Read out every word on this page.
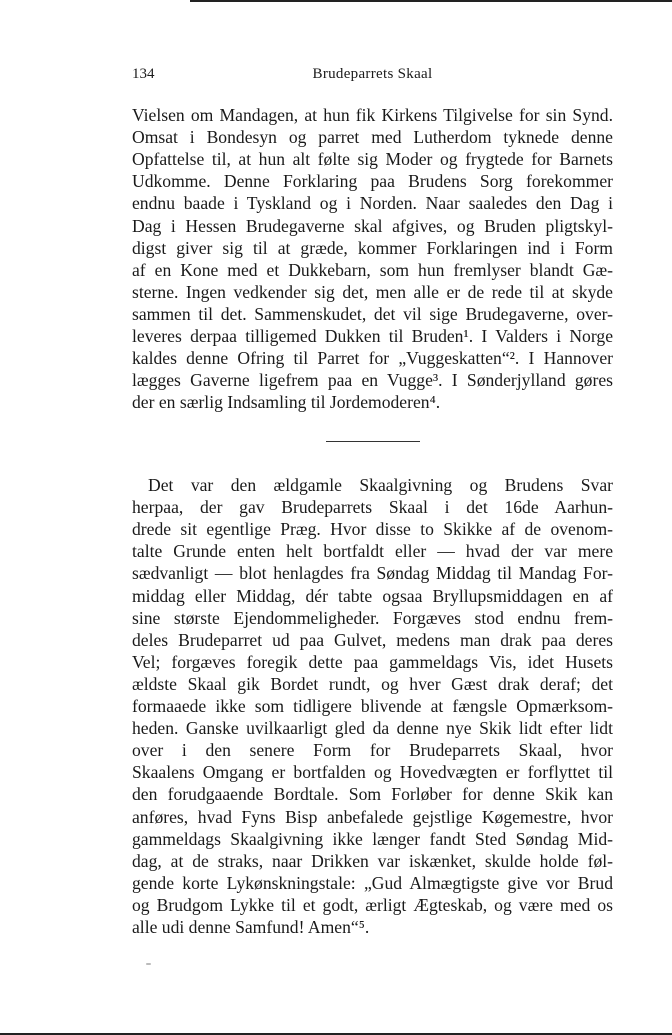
134	Brudeparrets Skaal
Vielsen om Mandagen, at hun fik Kirkens Tilgivelse for sin Synd.
Omsat i Bondesyn og parret med Lutherdom tyknede denne
Opfattelse til, at hun alt følte sig Moder og frygtede for Barnets
Udkomme. Denne Forklaring paa Brudens Sorg forekommer
endnu baade i Tyskland og i Norden. Naar saaledes den Dag i
Dag i Hessen Brudegaverne skal afgives, og Bruden pligtskyl-
digst giver sig til at græde, kommer Forklaringen ind i Form
af en Kone med et Dukkebarn, som hun fremlyser blandt Gæ-
sterne. Ingen vedkender sig det, men alle er de rede til at skyde
sammen til det. Sammenskudet, det vil sige Brudegaverne, over-
leveres derpaa tilligemed Dukken til Bruden¹. I Valders i Norge
kaldes denne Ofring til Parret for „Vuggeskatten“². I Hannover
lægges Gaverne ligefrem paa en Vugge³. I Sønderjylland gøres
der en særlig Indsamling til Jordemoderen⁴.
Det var den ældgamle Skaalgivning og Brudens Svar
herpaa, der gav Brudeparrets Skaal i det 16de Aarhun-
drede sit egentlige Præg. Hvor disse to Skikke af de ovenom-
talte Grunde enten helt bortfaldt eller — hvad der var mere
sædvanligt — blot henlagdes fra Søndag Middag til Mandag For-
middag eller Middag, dér tabte ogsaa Bryllupsmiddagen en af
sine største Ejendommeligheder. Forgæves stod endnu frem-
deles Brudeparret ud paa Gulvet, medens man drak paa deres
Vel; forgæves foregik dette paa gammeldags Vis, idet Husets
ældste Skaal gik Bordet rundt, og hver Gæst drak deraf; det
formaaede ikke som tidligere blivende at fængsle Opmærksom-
heden. Ganske uvilkaarligt gled da denne nye Skik lidt efter lidt
over i den senere Form for Brudeparrets Skaal, hvor
Skaalens Omgang er bortfalden og Hovedvægten er forflyttet til
den forudgaaende Bordtale. Som Forløber for denne Skik kan
anføres, hvad Fyns Bisp anbefalede gejstlige Køgemestre, hvor
gammeldags Skaalgivning ikke længer fandt Sted Søndag Mid-
dag, at de straks, naar Drikken var iskænket, skulde holde føl-
gende korte Lykønskningstale: „Gud Almægtigste give vor Brud
og Brudgom Lykke til et godt, ærligt Ægteskab, og være med os
alle udi denne Samfund! Amen“⁵.
